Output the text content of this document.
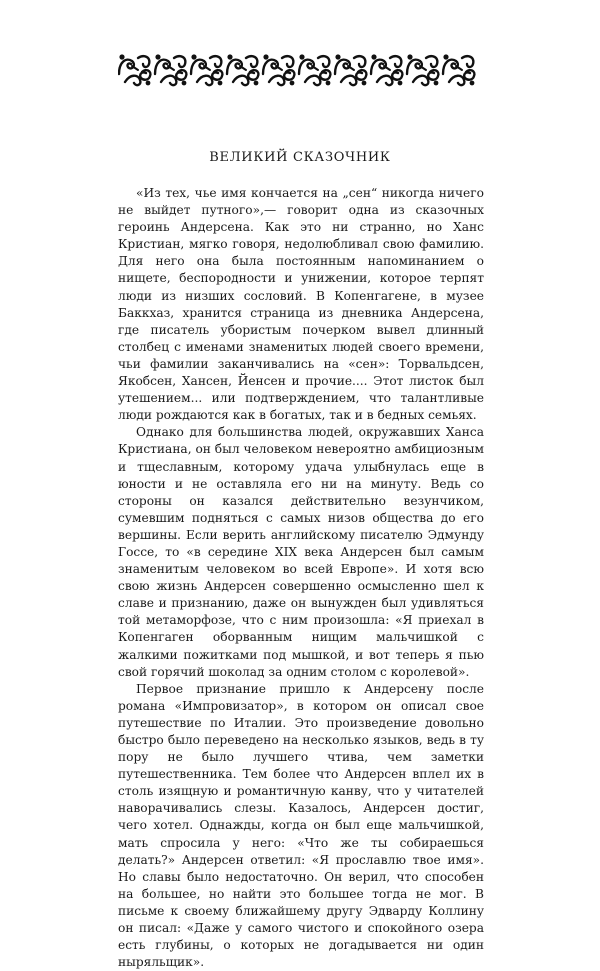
ВЕЛИКИЙ СКАЗОЧНИК

«Из тех, чье имя кончается на „сен“ никогда ничего не выйдет путного»,— говорит одна из сказочных героинь Андерсена. Как это ни странно, но Ханс Кристиан, мягко говоря, недолюбливал свою фамилию. Для него она была постоянным напоминанием о нищете, беспородности и унижении, которое терпят люди из низших сословий. В Копенгагене, в музее Баккхаз, хранится страница из дневника Андерсена, где писатель убористым почерком вывел длинный столбец с именами знаменитых людей своего времени, чьи фамилии заканчивались на «сен»: Торвальдсен, Якобсен, Хансен, Йенсен и прочие.... Этот листок был утешением... или подтверждением, что талантливые люди рождаются как в богатых, так и в бедных семьях.

Однако для большинства людей, окружавших Ханса Кристиана, он был человеком невероятно амбициозным и тщеславным, которому удача улыбнулась еще в юности и не оставляла его ни на минуту. Ведь со стороны он казался действительно везунчиком, сумевшим подняться с самых низов общества до его вершины. Если верить английскому писателю Эдмунду Госсе, то «в середине XIX века Андерсен был самым знаменитым человеком во всей Европе». И хотя всю свою жизнь Андерсен совершенно осмысленно шел к славе и признанию, даже он вынужден был удивляться той метаморфозе, что с ним произошла: «Я приехал в Копенгаген оборванным нищим мальчишкой с жалкими пожитками под мышкой, и вот теперь я пью свой горячий шоколад за одним столом с королевой».

Первое признание пришло к Андерсену после романа «Импровизатор», в котором он описал свое путешествие по Италии. Это произведение довольно быстро было переведено на несколько языков, ведь в ту пору не было лучшего чтива, чем заметки путешественника. Тем более что Андерсен вплел их в столь изящную и романтичную канву, что у читателей наворачивались слезы. Казалось, Андерсен достиг, чего хотел. Однажды, когда он был еще мальчишкой, мать спросила у него: «Что же ты собираешься делать?» Андерсен ответил: «Я прославлю твое имя». Но славы было недостаточно. Он верил, что способен на большее, но найти это большее тогда не мог. В письме к своему ближайшему другу Эдварду Коллину он писал: «Даже у самого чистого и спокойного озера есть глубины, о которых не догадывается ни один ныряльщик».
